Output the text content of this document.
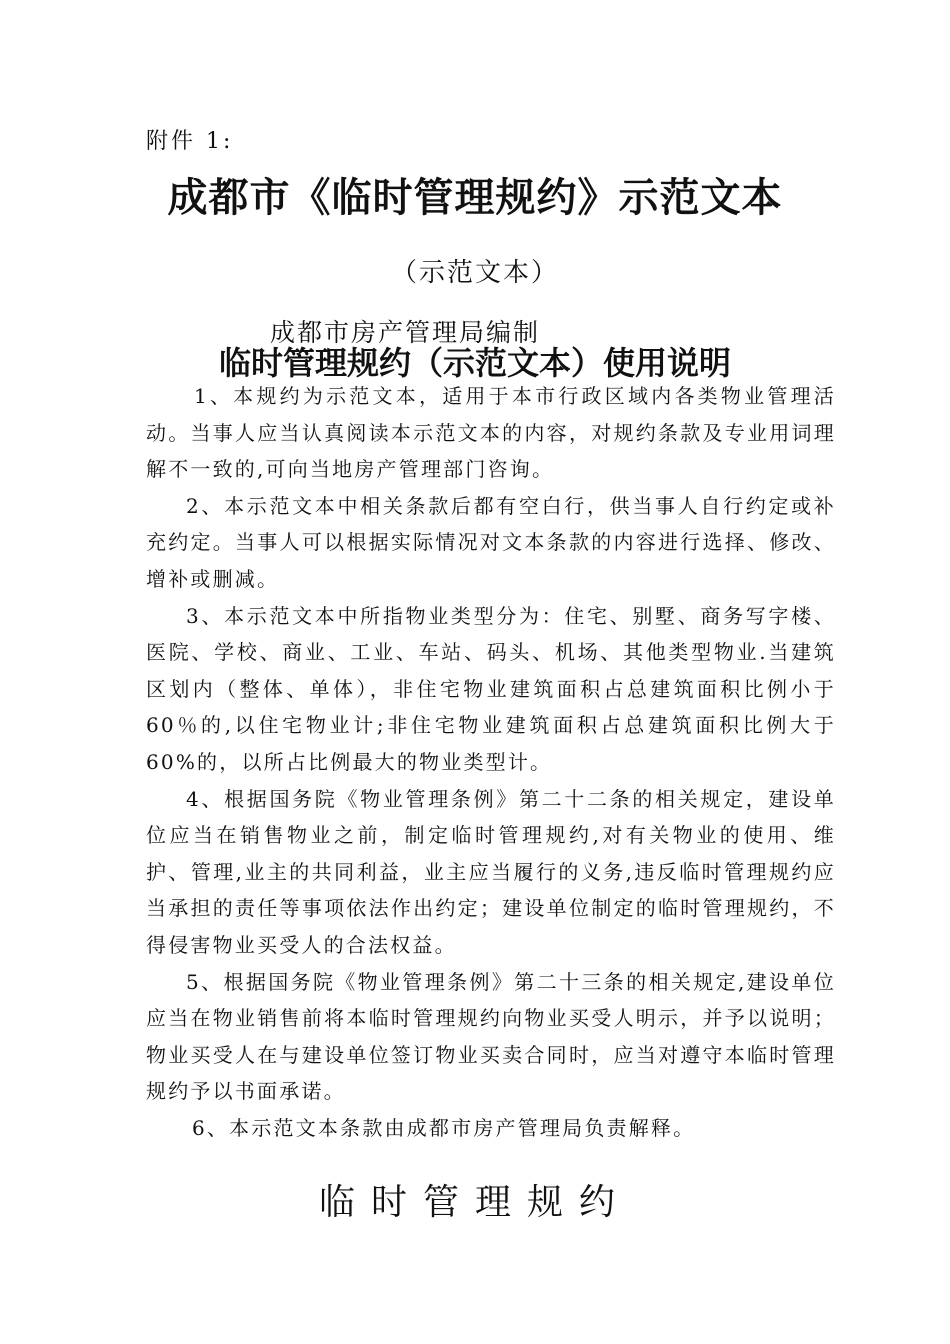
附件 1:
成都市《临时管理规约》示范文本
（示范文本）
成都市房产管理局编制
临时管理规约（示范文本）使用说明

1、本规约为示范文本，适用于本市行政区域内各类物业管理活动。当事人应当认真阅读本示范文本的内容，对规约条款及专业用词理解不一致的,可向当地房产管理部门咨询。

2、本示范文本中相关条款后都有空白行，供当事人自行约定或补充约定。当事人可以根据实际情况对文本条款的内容进行选择、修改、增补或删减。

3、本示范文本中所指物业类型分为：住宅、别墅、商务写字楼、医院、学校、商业、工业、车站、码头、机场、其他类型物业.当建筑区划内（整体、单体），非住宅物业建筑面积占总建筑面积比例小于60％的,以住宅物业计;非住宅物业建筑面积占总建筑面积比例大于60%的，以所占比例最大的物业类型计。

4、根据国务院《物业管理条例》第二十二条的相关规定，建设单位应当在销售物业之前，制定临时管理规约,对有关物业的使用、维护、管理,业主的共同利益，业主应当履行的义务,违反临时管理规约应当承担的责任等事项依法作出约定；建设单位制定的临时管理规约，不得侵害物业买受人的合法权益。

5、根据国务院《物业管理条例》第二十三条的相关规定,建设单位应当在物业销售前将本临时管理规约向物业买受人明示，并予以说明；物业买受人在与建设单位签订物业买卖合同时，应当对遵守本临时管理规约予以书面承诺。

6、本示范文本条款由成都市房产管理局负责解释。

临时管理规约
